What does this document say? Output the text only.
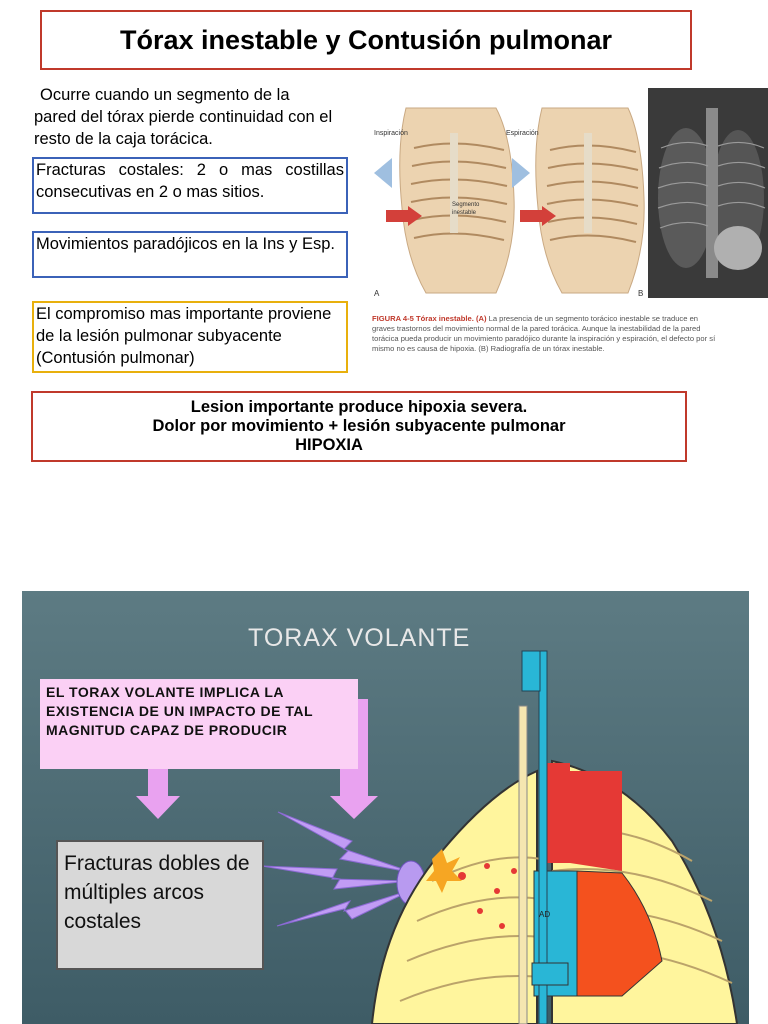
Tórax inestable y Contusión pulmonar
Ocurre cuando un segmento de la pared del tórax pierde continuidad con el resto de la caja torácica.
Fracturas costales: 2 o mas costillas consecutivas en 2 o mas sitios.
Movimientos paradójicos en la Ins y Esp.
El compromiso mas importante proviene de la lesión pulmonar subyacente (Contusión pulmonar)
Lesion importante produce hipoxia severa.
Dolor por movimiento + lesión subyacente pulmonar
HIPOXIA
Inspiración	Espiración
Segmento
inestable
A	B
FIGURA 4-5 Tórax inestable. (A) La presencia de un segmento torácico inestable se traduce en graves trastornos del movimiento normal de la pared torácica. Aunque la inestabilidad de la pared torácica pueda producir un movimiento paradójico durante la inspiración y espiración, el defecto por sí mismo no es causa de hipoxia. (B) Radiografía de un tórax inestable.
AD
TORAX VOLANTE
EL TORAX VOLANTE IMPLICA LA EXISTENCIA DE UN IMPACTO DE TAL MAGNITUD CAPAZ DE PRODUCIR
Fracturas dobles de múltiples arcos costales
